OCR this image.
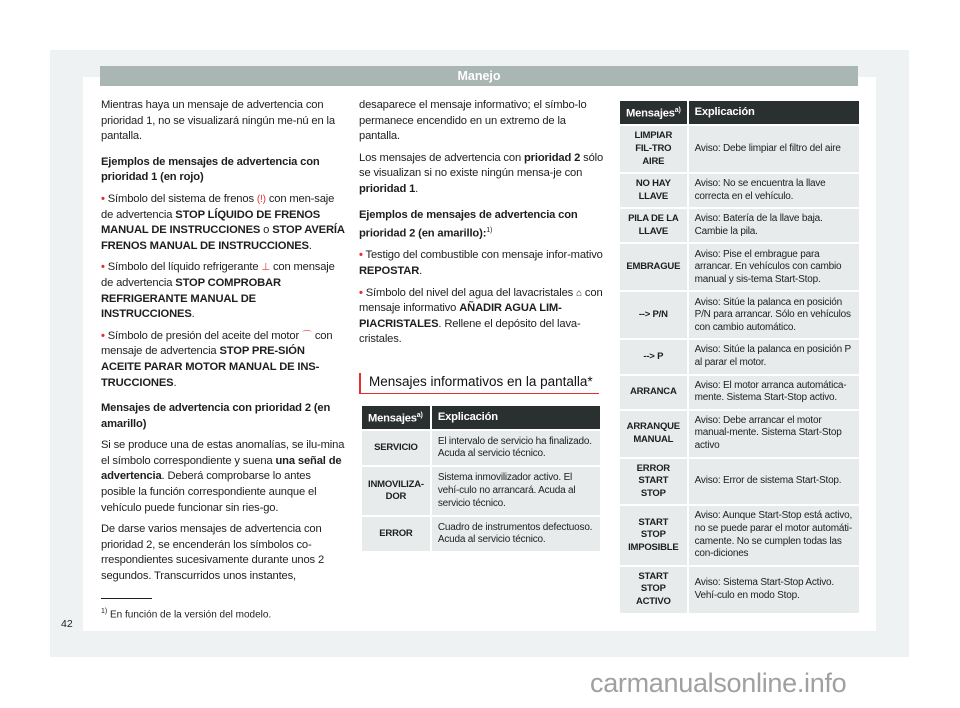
Manejo

Mientras haya un mensaje de advertencia con prioridad 1, no se visualizará ningún me-nú en la pantalla.

Ejemplos de mensajes de advertencia con prioridad 1 (en rojo)

• Símbolo del sistema de frenos (!) con men-saje de advertencia STOP LÍQUIDO DE FRENOS MANUAL DE INSTRUCCIONES o STOP AVERÍA FRENOS MANUAL DE INSTRUCCIONES.

• Símbolo del líquido refrigerante ⊥ con mensaje de advertencia STOP COMPROBAR REFRIGERANTE MANUAL DE INSTRUCCIONES.

• Símbolo de presión del aceite del motor ⌒ con mensaje de advertencia STOP PRE-SIÓN ACEITE PARAR MOTOR MANUAL DE INS-TRUCCIONES.

Mensajes de advertencia con prioridad 2 (en amarillo)

Si se produce una de estas anomalías, se ilu-mina el símbolo correspondiente y suena una señal de advertencia. Deberá comprobarse lo antes posible la función correspondiente aunque el vehículo puede funcionar sin ries-go.

De darse varios mensajes de advertencia con prioridad 2, se encenderán los símbolos co-rrespondientes sucesivamente durante unos 2 segundos. Transcurridos unos instantes,

desaparece el mensaje informativo; el símbo-lo permanece encendido en un extremo de la pantalla.

Los mensajes de advertencia con prioridad 2 sólo se visualizan si no existe ningún mensa-je con prioridad 1.

Ejemplos de mensajes de advertencia con prioridad 2 (en amarillo):$^{1)}$

• Testigo del combustible con mensaje infor-mativo REPOSTAR.

• Símbolo del nivel del agua del lavacristales ⌂ con mensaje informativo AÑADIR AGUA LIM-PIACRISTALES. Rellene el depósito del lava-cristales.

Mensajes informativos en la pantalla*
Mensajes$^{a)}$	Explicación
SERVICIO	El intervalo de servicio ha finalizado. Acuda al servicio técnico.
INMOVILIZA-DOR	Sistema inmovilizador activo. El vehí-culo no arrancará. Acuda al servicio técnico.
ERROR	Cuadro de instrumentos defectuoso. Acuda al servicio técnico.
Mensajes$^{a)}$	Explicación
LIMPIAR FIL-TRO AIRE	Aviso: Debe limpiar el filtro del aire
NO HAY LLAVE	Aviso: No se encuentra la llave correcta en el vehículo.
PILA DE LA LLAVE	Aviso: Batería de la llave baja. Cambie la pila.
EMBRAGUE	Aviso: Pise el embrague para arrancar. En vehículos con cambio manual y sis-tema Start-Stop.
--> P/N	Aviso: Sitúe la palanca en posición P/N para arrancar. Sólo en vehículos con cambio automático.
--> P	Aviso: Sitúe la palanca en posición P al parar el motor.
ARRANCA	Aviso: El motor arranca automática-mente. Sistema Start-Stop activo.
ARRANQUE MANUAL	Aviso: Debe arrancar el motor manual-mente. Sistema Start-Stop activo
ERROR START STOP	Aviso: Error de sistema Start-Stop.
START STOP IMPOSIBLE	Aviso: Aunque Start-Stop está activo, no se puede parar el motor automáti-camente. No se cumplen todas las con-diciones
START STOP ACTIVO	Aviso: Sistema Start-Stop Activo. Vehí-culo en modo Stop.
$^{1)}$ En función de la versión del modelo.
42
carmanualsonline.info
